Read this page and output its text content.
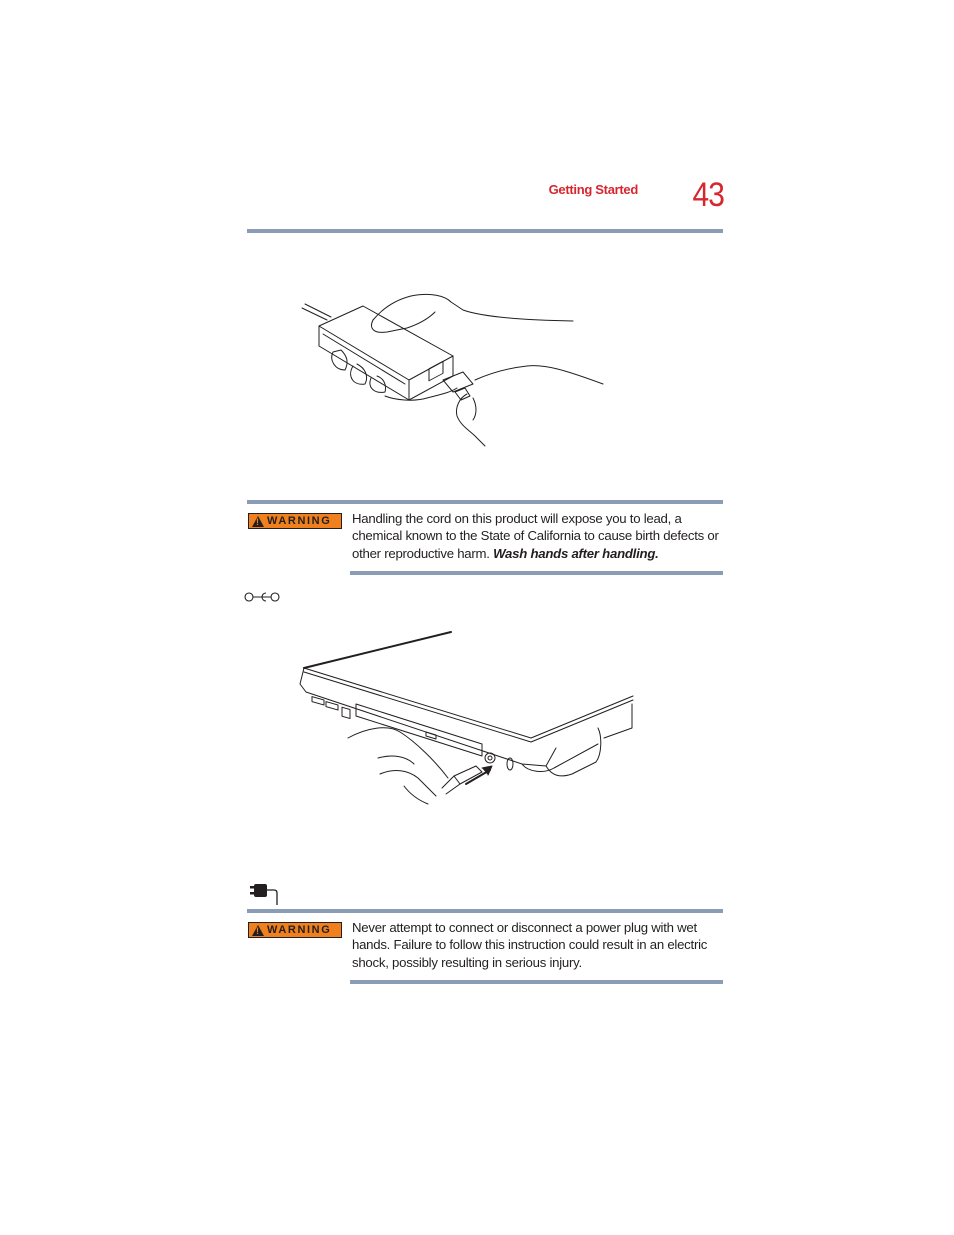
Getting Started 43
!
WARNING Handling the cord on this product will expose you to lead, a chemical known to the State of California to cause birth defects or other reproductive harm. Wash hands after handling.
!
WARNING Never attempt to connect or disconnect a power plug with wet hands. Failure to follow this instruction could result in an electric shock, possibly resulting in serious injury.
